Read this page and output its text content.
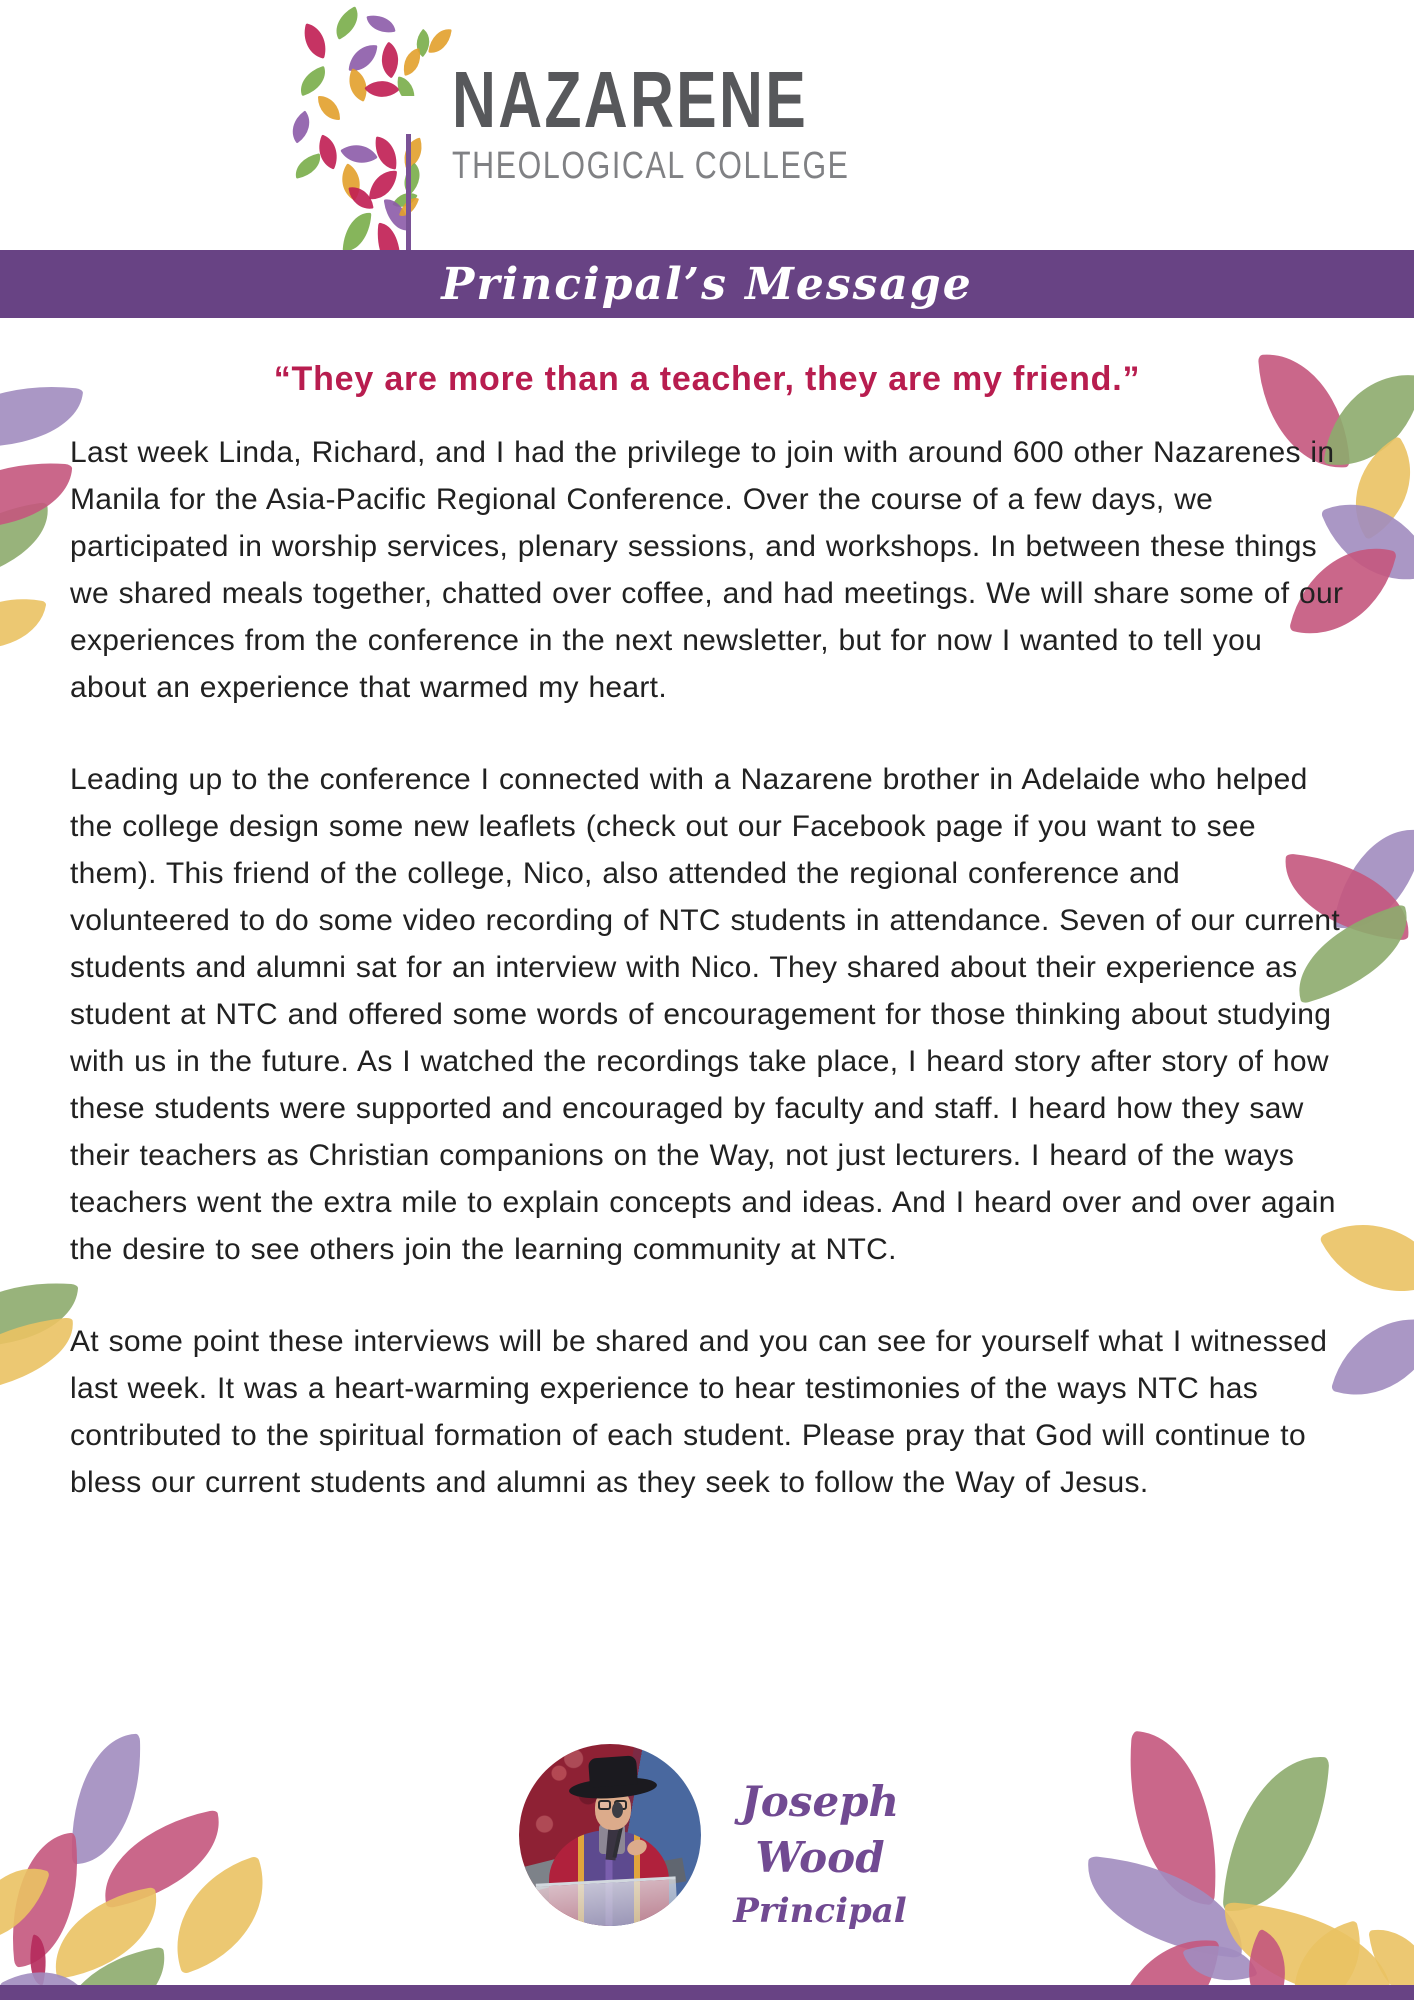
NAZARENE
THEOLOGICAL COLLEGE
Principal’s Message
“They are more than a teacher, they are my friend.”

Last week Linda, Richard, and I had the privilege to join with around 600 other Nazarenes in Manila for the Asia-Pacific Regional Conference. Over the course of a few days, we participated in worship services, plenary sessions, and workshops. In between these things we shared meals together, chatted over coffee, and had meetings. We will share some of our experiences from the conference in the next newsletter, but for now I wanted to tell you about an experience that warmed my heart.

Leading up to the conference I connected with a Nazarene brother in Adelaide who helped the college design some new leaflets (check out our Facebook page if you want to see them). This friend of the college, Nico, also attended the regional conference and volunteered to do some video recording of NTC students in attendance. Seven of our current students and alumni sat for an interview with Nico. They shared about their experience as student at NTC and offered some words of encouragement for those thinking about studying with us in the future. As I watched the recordings take place, I heard story after story of how these students were supported and encouraged by faculty and staff. I heard how they saw their teachers as Christian companions on the Way, not just lecturers. I heard of the ways teachers went the extra mile to explain concepts and ideas. And I heard over and over again the desire to see others join the learning community at NTC.

At some point these interviews will be shared and you can see for yourself what I witnessed last week. It was a heart-warming experience to hear testimonies of the ways NTC has contributed to the spiritual formation of each student. Please pray that God will continue to bless our current students and alumni as they seek to follow the Way of Jesus.

Joseph Wood
Principal
